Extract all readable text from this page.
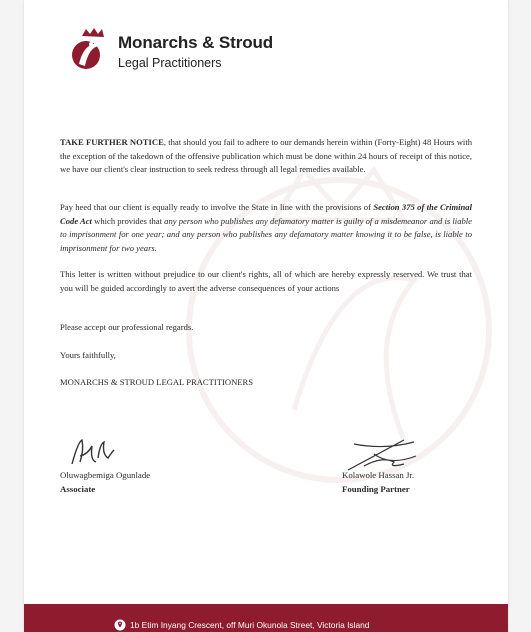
Monarchs & Stroud
Legal Practitioners

TAKE FURTHER NOTICE, that should you fail to adhere to our demands herein within (Forty-Eight) 48 Hours with the exception of the takedown of the offensive publication which must be done within 24 hours of receipt of this notice, we have our client's clear instruction to seek redress through all legal remedies available.

Pay heed that our client is equally ready to involve the State in line with the provisions of Section 375 of the Criminal Code Act which provides that any person who publishes any defamatory matter is guilty of a misdemeanor and is liable to imprisonment for one year; and any person who publishes any defamatory matter knowing it to be false, is liable to imprisonment for two years.

This letter is written without prejudice to our client's rights, all of which are hereby expressly reserved. We trust that you will be guided accordingly to avert the adverse consequences of your actions

Please accept our professional regards.

Yours faithfully,

MONARCHS & STROUD LEGAL PRACTITIONERS

Oluwagbemiga Ogunlade
Associate
Kolawole Hassan Jr.
Founding Partner
1b Etim Inyang Crescent, off Muri Okunola Street, Victoria Island
